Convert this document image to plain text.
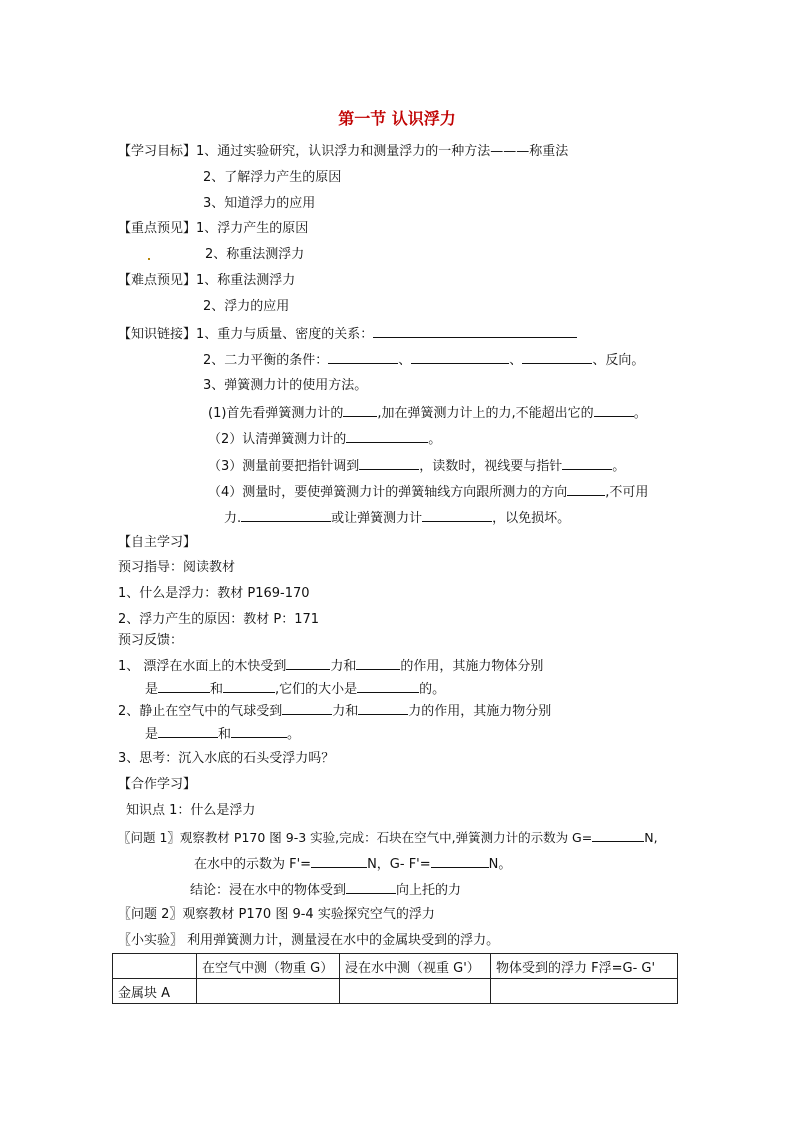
第一节 认识浮力
【学习目标】1、通过实验研究，认识浮力和测量浮力的一种方法———称重法
2、了解浮力产生的原因
3、知道浮力的应用
【重点预见】1、浮力产生的原因
2、称重法测浮力
【难点预见】1、称重法测浮力
2、浮力的应用
【知识链接】1、重力与质量、密度的关系：
2、二力平衡的条件：	、	、	、反向。
3、弹簧测力计的使用方法。
(1)首先看弹簧测力计的	,加在弹簧测力计上的力,不能超出它的	。
（2）认清弹簧测力计的	。
（3）测量前要把指针调到	，读数时，视线要与指针	。
（4）测量时，要使弹簧测力计的弹簧轴线方向跟所测力的方向	,不可用
力.	或让弹簧测力计	，以免损坏。
【自主学习】
预习指导：阅读教材
1、什么是浮力：教材 P169-170
2、浮力产生的原因：教材 P：171
预习反馈：
1、 漂浮在水面上的木快受到	力和	的作用，其施力物体分别
是	和	,它们的大小是	的。
2、静止在空气中的气球受到	力和	力的作用，其施力物分别
是	和	。
3、思考：沉入水底的石头受浮力吗？
【合作学习】
知识点 1：什么是浮力
〖问题 1〗观察教材 P170 图 9-3 实验,完成：石块在空气中,弹簧测力计的示数为 G=	N,
在水中的示数为 F'=	N，G- F'=	N。
结论：浸在水中的物体受到	向上托的力
〖问题 2〗观察教材 P170 图 9-4 实验探究空气的浮力
〖小实验〗 利用弹簧测力计，测量浸在水中的金属块受到的浮力。
	在空气中测（物重 G）	浸在水中测（视重 G'）	物体受到的浮力 F浮=G- G'
金属块 A			
